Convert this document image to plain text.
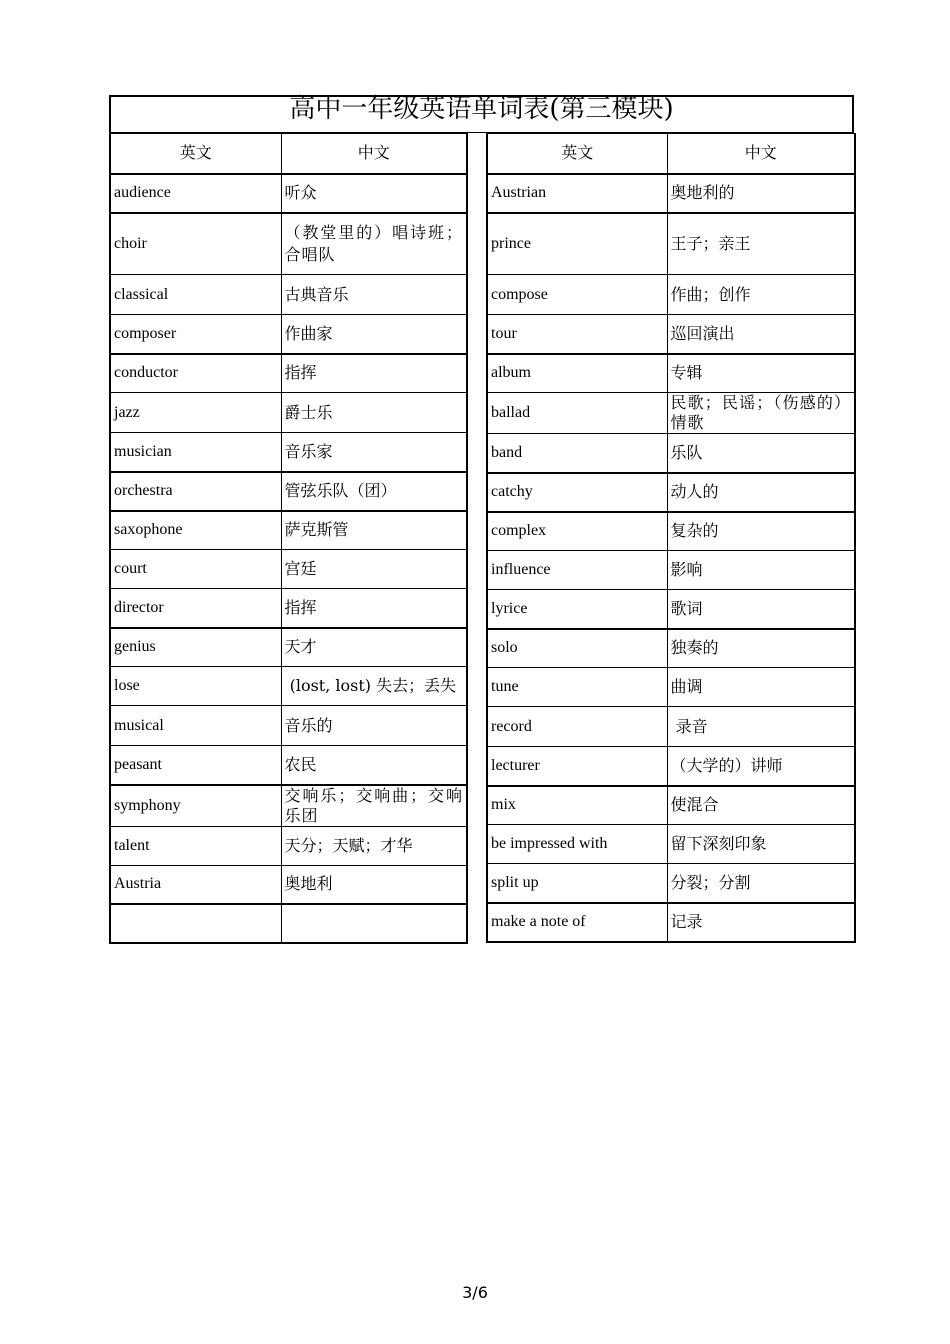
高中一年级英语单词表(第三模块)
英文	中文
audience	听众
choir	（教堂里的）唱诗班；合唱队
classical	古典音乐
composer	作曲家
conductor	指挥
jazz	爵士乐
musician	音乐家
orchestra	管弦乐队（团）
saxophone	萨克斯管
court	宫廷
director	指挥
genius	天才
lose	(lost, lost) 失去；丢失
musical	音乐的
peasant	农民
symphony	交响乐；交响曲；交响乐团
talent	天分；天赋；才华
Austria	奥地利

英文	中文
Austrian	奥地利的
prince	王子；亲王
compose	作曲；创作
tour	巡回演出
album	专辑
ballad	民歌；民谣；（伤感的）情歌
band	乐队
catchy	动人的
complex	复杂的
influence	影响
lyrice	歌词
solo	独奏的
tune	曲调
record	录音
lecturer	（大学的）讲师
mix	使混合
be impressed with	留下深刻印象
split up	分裂；分割
make a note of	记录
3/6
